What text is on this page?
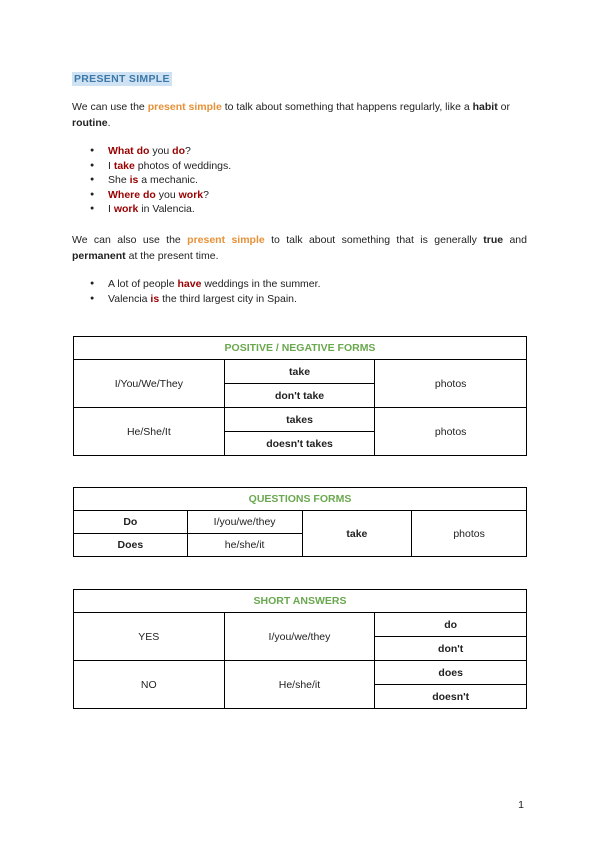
PRESENT SIMPLE
We can use the present simple to talk about something that happens regularly, like a habit or routine.
● What do you do?
● I take photos of weddings.
● She is a mechanic.
● Where do you work?
● I work in Valencia.
We can also use the present simple to talk about something that is generally true and permanent at the present time.
● A lot of people have weddings in the summer.
● Valencia is the third largest city in Spain.
POSITIVE / NEGATIVE FORMS		
I/You/We/They	take	photos
	don't take	
He/She/It	takes	photos
	doesn't takes	
QUESTIONS FORMS			
Do	I/you/we/they	take	photos
Does	he/she/it		
SHORT ANSWERS		
YES	I/you/we/they	do
		don't
NO	He/she/it	does
		doesn't
1
